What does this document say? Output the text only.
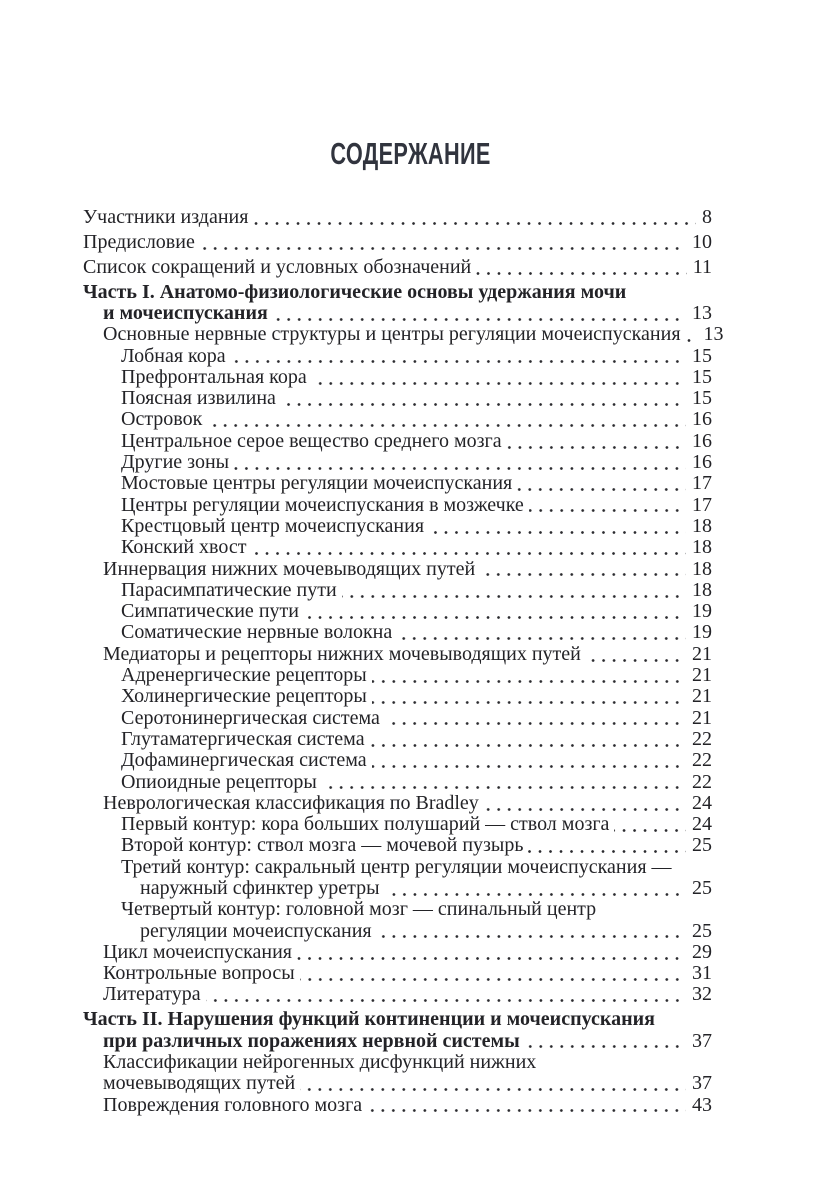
СОДЕРЖАНИЕ
Участники издания	8
Предисловие	10
Список сокращений и условных обозначений	11
Часть I. Анатомо-физиологические основы удержания мочи
и мочеиспускания	13
Основные нервные структуры и центры регуляции мочеиспускания 13
Лобная кора	15
Префронтальная кора	15
Поясная извилина	15
Островок	16
Центральное серое вещество среднего мозга	16
Другие зоны	16
Мостовые центры регуляции мочеиспускания	17
Центры регуляции мочеиспускания в мозжечке	17
Крестцовый центр мочеиспускания	18
Конский хвост	18
Иннервация нижних мочевыводящих путей	18
Парасимпатические пути	18
Симпатические пути	19
Соматические нервные волокна	19
Медиаторы и рецепторы нижних мочевыводящих путей	21
Адренергические рецепторы	21
Холинергические рецепторы	21
Серотонинергическая система	21
Глутаматергическая система	22
Дофаминергическая система	22
Опиоидные рецепторы	22
Неврологическая классификация по Bradley	24
Первый контур: кора больших полушарий — ствол мозга	24
Второй контур: ствол мозга — мочевой пузырь	25
Третий контур: сакральный центр регуляции мочеиспускания —
наружный сфинктер уретры	25
Четвертый контур: головной мозг — спинальный центр
регуляции мочеиспускания	25
Цикл мочеиспускания	29
Контрольные вопросы	31
Литература	32
Часть II. Нарушения функций континенции и мочеиспускания
при различных поражениях нервной системы	37
Классификации нейрогенных дисфункций нижних
мочевыводящих путей	37
Повреждения головного мозга	43
